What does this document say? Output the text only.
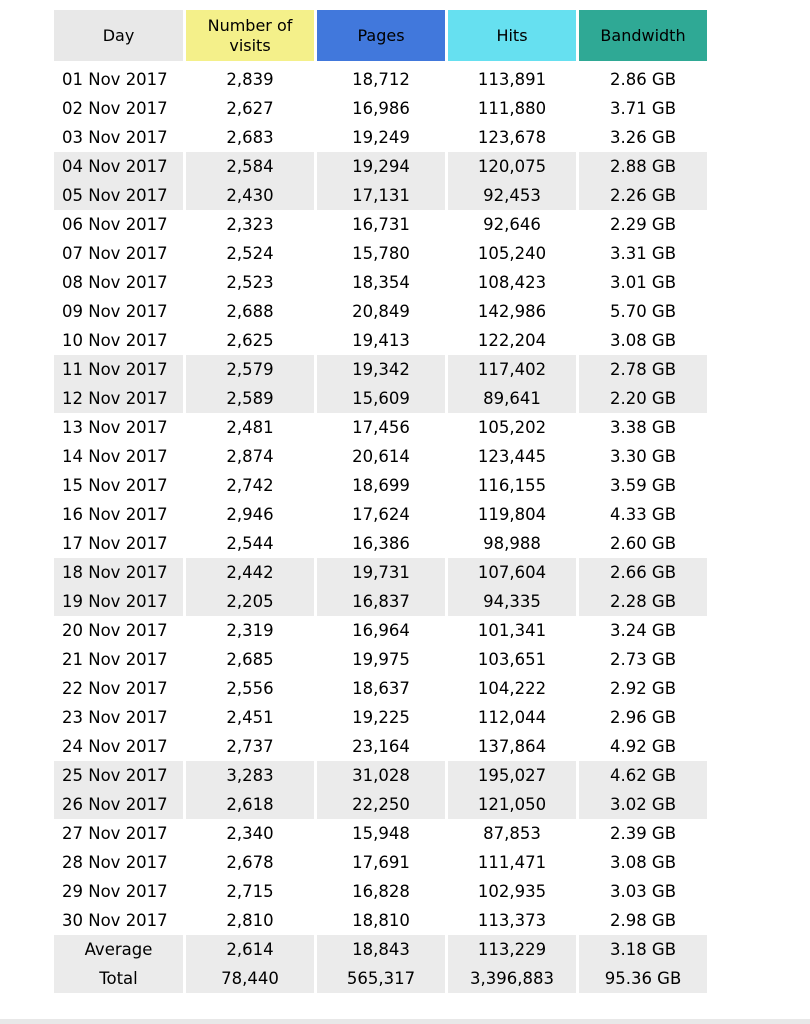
Day	Number of visits	Pages	Hits	Bandwidth
01 Nov 2017	2,839	18,712	113,891	2.86 GB
02 Nov 2017	2,627	16,986	111,880	3.71 GB
03 Nov 2017	2,683	19,249	123,678	3.26 GB
04 Nov 2017	2,584	19,294	120,075	2.88 GB
05 Nov 2017	2,430	17,131	92,453	2.26 GB
06 Nov 2017	2,323	16,731	92,646	2.29 GB
07 Nov 2017	2,524	15,780	105,240	3.31 GB
08 Nov 2017	2,523	18,354	108,423	3.01 GB
09 Nov 2017	2,688	20,849	142,986	5.70 GB
10 Nov 2017	2,625	19,413	122,204	3.08 GB
11 Nov 2017	2,579	19,342	117,402	2.78 GB
12 Nov 2017	2,589	15,609	89,641	2.20 GB
13 Nov 2017	2,481	17,456	105,202	3.38 GB
14 Nov 2017	2,874	20,614	123,445	3.30 GB
15 Nov 2017	2,742	18,699	116,155	3.59 GB
16 Nov 2017	2,946	17,624	119,804	4.33 GB
17 Nov 2017	2,544	16,386	98,988	2.60 GB
18 Nov 2017	2,442	19,731	107,604	2.66 GB
19 Nov 2017	2,205	16,837	94,335	2.28 GB
20 Nov 2017	2,319	16,964	101,341	3.24 GB
21 Nov 2017	2,685	19,975	103,651	2.73 GB
22 Nov 2017	2,556	18,637	104,222	2.92 GB
23 Nov 2017	2,451	19,225	112,044	2.96 GB
24 Nov 2017	2,737	23,164	137,864	4.92 GB
25 Nov 2017	3,283	31,028	195,027	4.62 GB
26 Nov 2017	2,618	22,250	121,050	3.02 GB
27 Nov 2017	2,340	15,948	87,853	2.39 GB
28 Nov 2017	2,678	17,691	111,471	3.08 GB
29 Nov 2017	2,715	16,828	102,935	3.03 GB
30 Nov 2017	2,810	18,810	113,373	2.98 GB
Average	2,614	18,843	113,229	3.18 GB
Total	78,440	565,317	3,396,883	95.36 GB
